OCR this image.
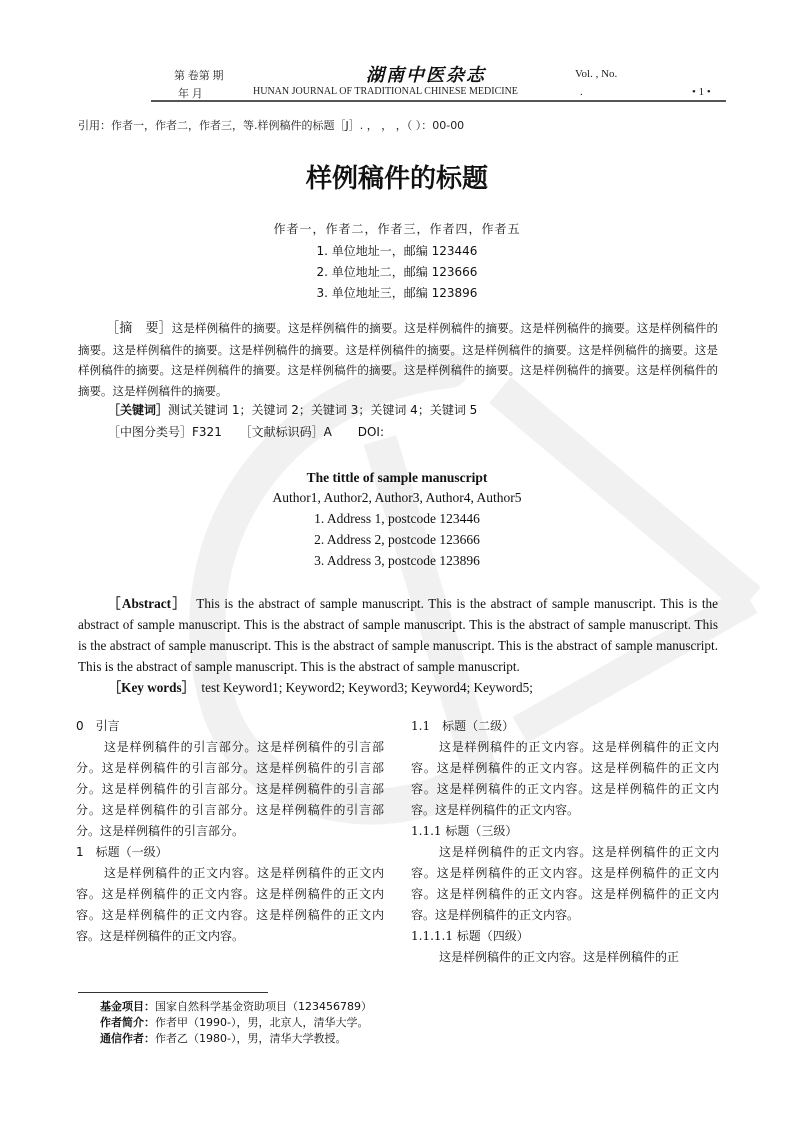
第 卷第 期
年 月
湖南中医杂志
HUNAN JOURNAL OF TRADITIONAL CHINESE MEDICINE
Vol. , No.
.	• 1 •
引用：作者一，作者二，作者三，等.样例稿件的标题［J］. ， ， ，（ ）：00-00
样例稿件的标题
作者一，作者二，作者三，作者四，作者五
1. 单位地址一，邮编 123446
2. 单位地址二，邮编 123666
3. 单位地址三，邮编 123896
［摘　要］这是样例稿件的摘要。这是样例稿件的摘要。这是样例稿件的摘要。这是样例稿件的摘要。这是样例稿件的摘要。这是样例稿件的摘要。这是样例稿件的摘要。这是样例稿件的摘要。这是样例稿件的摘要。这是样例稿件的摘要。这是样例稿件的摘要。这是样例稿件的摘要。这是样例稿件的摘要。这是样例稿件的摘要。这是样例稿件的摘要。这是样例稿件的摘要。这是样例稿件的摘要。
［关键词］测试关键词 1；关键词 2；关键词 3；关键词 4；关键词 5
［中图分类号］F321 ［文献标识码］A DOI:
The tittle of sample manuscript
Author1, Author2, Author3, Author4, Author5
1. Address 1, postcode 123446
2. Address 2, postcode 123666
3. Address 3, postcode 123896
［Abstract］ This is the abstract of sample manuscript. This is the abstract of sample manuscript. This is the abstract of sample manuscript. This is the abstract of sample manuscript. This is the abstract of sample manuscript. This is the abstract of sample manuscript. This is the abstract of sample manuscript. This is the abstract of sample manuscript. This is the abstract of sample manuscript. This is the abstract of sample manuscript.
［Key words］ test Keyword1; Keyword2; Keyword3; Keyword4; Keyword5;
0　引言
这是样例稿件的引言部分。这是样例稿件的引言部分。这是样例稿件的引言部分。这是样例稿件的引言部分。这是样例稿件的引言部分。这是样例稿件的引言部分。这是样例稿件的引言部分。这是样例稿件的引言部分。这是样例稿件的引言部分。
1　标题（一级）
这是样例稿件的正文内容。这是样例稿件的正文内容。这是样例稿件的正文内容。这是样例稿件的正文内容。这是样例稿件的正文内容。这是样例稿件的正文内容。这是样例稿件的正文内容。
1.1　标题（二级）
这是样例稿件的正文内容。这是样例稿件的正文内容。这是样例稿件的正文内容。这是样例稿件的正文内容。这是样例稿件的正文内容。这是样例稿件的正文内容。这是样例稿件的正文内容。
1.1.1 标题（三级）
这是样例稿件的正文内容。这是样例稿件的正文内容。这是样例稿件的正文内容。这是样例稿件的正文内容。这是样例稿件的正文内容。这是样例稿件的正文内容。这是样例稿件的正文内容。
1.1.1.1 标题（四级）
这是样例稿件的正文内容。这是样例稿件的正
基金项目：国家自然科学基金资助项目（123456789）
作者简介：作者甲（1990-），男，北京人，清华大学。
通信作者：作者乙（1980-），男，清华大学教授。
